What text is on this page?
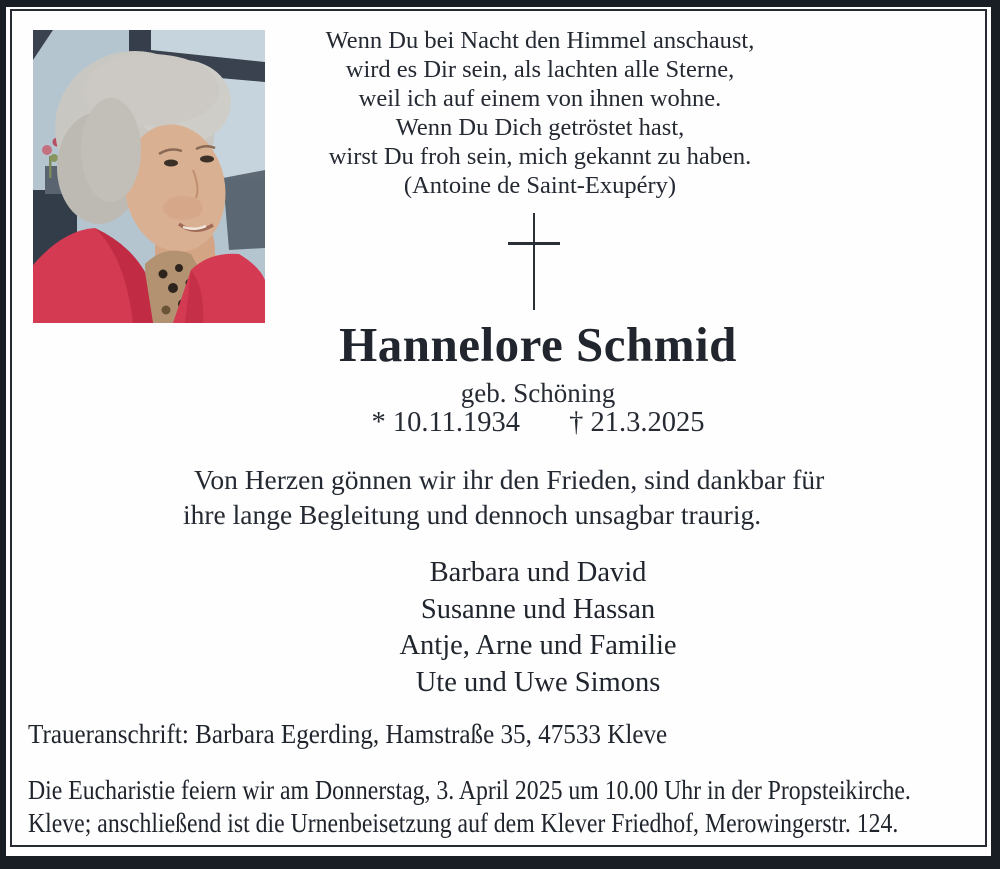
Wenn Du bei Nacht den Himmel anschaust,
wird es Dir sein, als lachten alle Sterne,
weil ich auf einem von ihnen wohne.
Wenn Du Dich getröstet hast,
wirst Du froh sein, mich gekannt zu haben.
(Antoine de Saint-Exupéry)
Hannelore Schmid
geb. Schöning
* 10.11.1934 † 21.3.2025
Von Herzen gönnen wir ihr den Frieden, sind dankbar für
ihre lange Begleitung und dennoch unsagbar traurig.
Barbara und David
Susanne und Hassan
Antje, Arne und Familie
Ute und Uwe Simons
Traueranschrift: Barbara Egerding, Hamstraße 35, 47533 Kleve
Die Eucharistie feiern wir am Donnerstag, 3. April 2025 um 10.00 Uhr in der Propsteikirche.
Kleve; anschließend ist die Urnenbeisetzung auf dem Klever Friedhof, Merowingerstr. 124.
